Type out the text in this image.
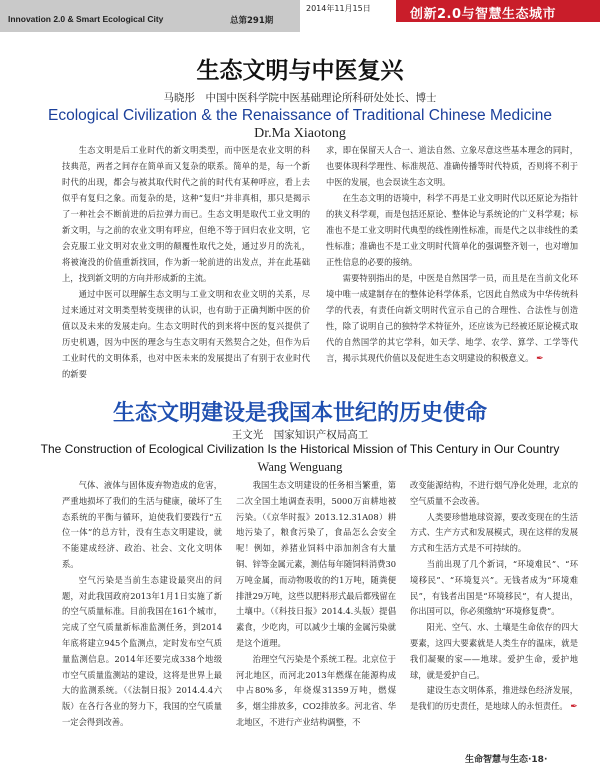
Innovation 2.0 & Smart Ecological City	总第291期
2014年11月15日	创新2.0与智慧生态城市
生态文明与中医复兴
马晓彤　中国中医科学院中医基础理论所科研处处长、博士
Ecological Civilization & the Renaissance of Traditional Chinese Medicine
Dr.Ma Xiaotong

生态文明是后工业时代的新文明类型，而中医是农业文明的科技典范，两者之间存在简单而又复杂的联系。简单的是，每一个新时代的出现，都会与被其取代时代之前的时代有某种呼应，看上去似乎有复归之象。而复杂的是，这种“复归”并非真相，那只是揭示了一种社会不断前进的后拉弹力而已。生态文明是取代工业文明的新文明，与之前的农业文明有呼应，但绝不等于回归农业文明，它会克服工业文明对农业文明的颠覆性取代之处，通过岁月的洗礼，将被淹没的价值重新找回，作为新一轮前进的出发点，并在此基础上，找到新文明的方向并形成新的主流。

通过中医可以理解生态文明与工业文明和农业文明的关系，尽过来通过对文明类型转变规律的认识，也有助于正确判断中医的价值以及未来的发展走向。生态文明时代的到来将中医的复兴提供了历史机遇，因为中医的理念与生态文明有天然契合之处，但作为后工业时代的文明体系，也对中医未来的发展提出了有别于农业时代的新要

求，即在保留天人合一、道法自然、立象尽意这些基本理念的同时，也要体现科学理性、标准规范、准确传播等时代特质，否则将不利于中医的发展，也会误读生态文明。

在生态文明的语境中，科学不再是工业文明时代以还原论为指针的狭义科学观，而是包括还原论、整体论与系统论的广义科学观；标准也不是工业文明时代典型的线性刚性标准，而是代之以非线性的柔性标准；准确也不是工业文明时代简单化的强调整齐划一，也对增加正性信息的必要的接纳。

需要特别指出的是，中医是自然国学一员，而且是在当前文化环境中唯一成建制存在的整体论科学体系，它因此自然成为中华传统科学的代表，有责任向新文明时代宣示自己的合理性、合法性与创造性，除了说明自己的独特学术特征外，还应该为已经被还原论模式取代的自然国学的其它学科，如天学、地学、农学、算学、工学等代言，揭示其现代价值以及促进生态文明建设的积极意义。 ✒

生态文明建设是我国本世纪的历史使命
王文光　国家知识产权局高工
The Construction of Ecological Civilization Is the Historical Mission of This Century in Our Country
Wang Wenguang

气体、液体与固体废弃物造成的危害，严重地损坏了我们的生活与健康，破坏了生态系统的平衡与循环，迫使我们要践行“五位一体”的总方针，没有生态文明建设，就不能建成经济、政治、社会、文化文明体系。

空气污染是当前生态建设最突出的问题，对此我国政府2013年1月1日实施了新的空气质量标准。目前我国在161个城市，完成了空气质量新标准监测任务，到2014年底将建立945个监测点，定时发布空气质量监测信息。2014年还要完成338个地级市空气质量监测站的建设，这将是世界上最大的监测系统。（《法制日报》2014.4.4六版）在各行各业的努力下，我国的空气质量一定会得到改善。

我国生态文明建设的任务相当繁重，第二次全国土地调查表明，5000万亩耕地被污染。（《京华时报》2013.12.31A08）耕地污染了，粮食污染了，食品怎么会安全呢！例如，养猪业饲料中添加剂含有大量铜、锌等金属元素，测估每年随饲料消费30万吨金属，而动物吸收的约1万吨，随粪便排泄29万吨，这些以肥料形式最后都残留在土壤中。（《科技日报》2014.4.头版）提倡素食，少吃肉，可以减少土壤的金属污染就是这个道理。

治理空气污染是个系统工程。北京位于河北地区，而河北2013年燃煤在能源构成中占80%多，年烧煤31359万吨，燃煤多，烟尘排放多，CO2排放多。河北省、华北地区，不进行产业结构调整，不

改变能源结构，不进行烟气净化处理，北京的空气质量不会改善。

人类要珍惜地球资源，要改变现在的生活方式、生产方式和发展模式，现在这样的发展方式和生活方式是不可持续的。

当前出现了几个新词，“环境难民”、“环境移民”、“环境复兴”。无钱者成为“环境难民”，有钱者出国是“环境移民”，有人提出，你出国可以，你必须缴纳“环境修复费”。

阳光、空气、水、土壤是生命依存的四大要素，这四大要素就是人类生存的温床，就是我们凝聚的家——地球。爱护生命，爱护地球，就是爱护自己。

建设生态文明体系，推进绿色经济发展，是我们的历史责任，是地球人的永恒责任。 ✒

生命智慧与生态·18·
